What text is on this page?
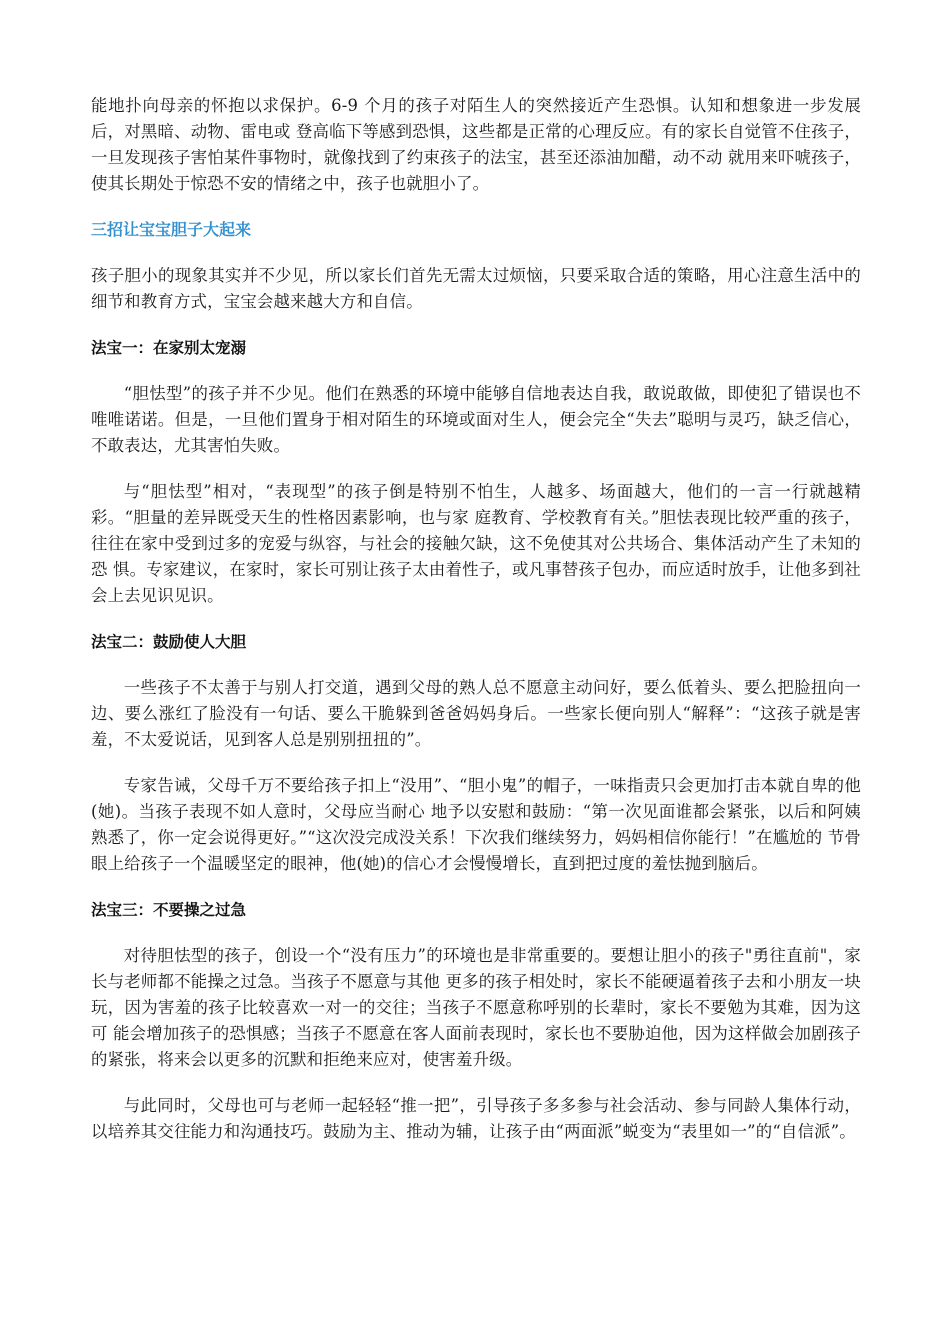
能地扑向母亲的怀抱以求保护。6-9 个月的孩子对陌生人的突然接近产生恐惧。认知和想象进一步发展后，对黑暗、动物、雷电或 登高临下等感到恐惧，这些都是正常的心理反应。有的家长自觉管不住孩子，一旦发现孩子害怕某件事物时，就像找到了约束孩子的法宝，甚至还添油加醋，动不动 就用来吓唬孩子，使其长期处于惊恐不安的情绪之中，孩子也就胆小了。

三招让宝宝胆子大起来

孩子胆小的现象其实并不少见，所以家长们首先无需太过烦恼，只要采取合适的策略，用心注意生活中的细节和教育方式，宝宝会越来越大方和自信。

法宝一：在家别太宠溺

“胆怯型”的孩子并不少见。他们在熟悉的环境中能够自信地表达自我，敢说敢做，即使犯了错误也不唯唯诺诺。但是，一旦他们置身于相对陌生的环境或面对生人，便会完全“失去”聪明与灵巧，缺乏信心，不敢表达，尤其害怕失败。

与“胆怯型”相对，“表现型”的孩子倒是特别不怕生，人越多、场面越大，他们的一言一行就越精彩。“胆量的差异既受天生的性格因素影响，也与家 庭教育、学校教育有关。”胆怯表现比较严重的孩子，往往在家中受到过多的宠爱与纵容，与社会的接触欠缺，这不免使其对公共场合、集体活动产生了未知的恐 惧。专家建议，在家时，家长可别让孩子太由着性子，或凡事替孩子包办，而应适时放手，让他多到社会上去见识见识。

法宝二：鼓励使人大胆

一些孩子不太善于与别人打交道，遇到父母的熟人总不愿意主动问好，要么低着头、要么把脸扭向一边、要么涨红了脸没有一句话、要么干脆躲到爸爸妈妈身后。一些家长便向别人“解释”：“这孩子就是害羞，不太爱说话，见到客人总是别别扭扭的”。

专家告诫，父母千万不要给孩子扣上“没用”、“胆小鬼”的帽子，一味指责只会更加打击本就自卑的他(她)。当孩子表现不如人意时，父母应当耐心 地予以安慰和鼓励：“第一次见面谁都会紧张，以后和阿姨熟悉了，你一定会说得更好。”“这次没完成没关系！下次我们继续努力，妈妈相信你能行！”在尴尬的 节骨眼上给孩子一个温暖坚定的眼神，他(她)的信心才会慢慢增长，直到把过度的羞怯抛到脑后。

法宝三：不要操之过急

对待胆怯型的孩子，创设一个“没有压力”的环境也是非常重要的。要想让胆小的孩子"勇往直前"，家长与老师都不能操之过急。当孩子不愿意与其他 更多的孩子相处时，家长不能硬逼着孩子去和小朋友一块玩，因为害羞的孩子比较喜欢一对一的交往；当孩子不愿意称呼别的长辈时，家长不要勉为其难，因为这可 能会增加孩子的恐惧感；当孩子不愿意在客人面前表现时，家长也不要胁迫他，因为这样做会加剧孩子的紧张，将来会以更多的沉默和拒绝来应对，使害羞升级。

与此同时，父母也可与老师一起轻轻“推一把”，引导孩子多多参与社会活动、参与同龄人集体行动，以培养其交往能力和沟通技巧。鼓励为主、推动为辅，让孩子由“两面派”蜕变为“表里如一”的“自信派”。
